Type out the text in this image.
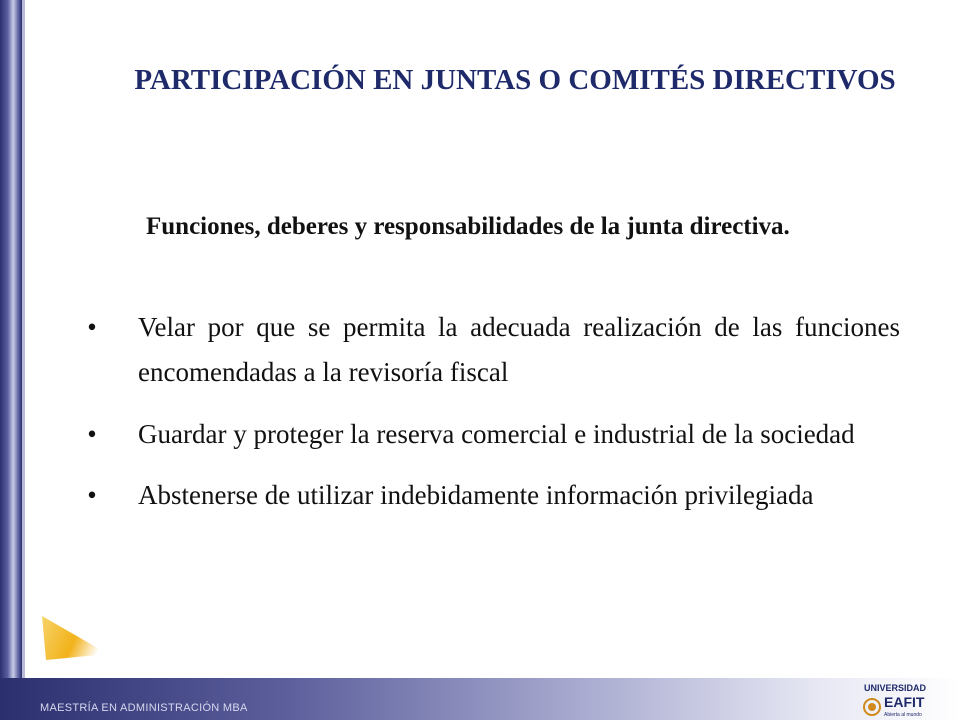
PARTICIPACIÓN EN JUNTAS O COMITÉS DIRECTIVOS
Funciones, deberes y responsabilidades de la junta directiva.
• Velar por que se permita la adecuada realización de las funciones encomendadas a la revisoría fiscal
• Guardar y proteger la reserva comercial e industrial de la sociedad
• Abstenerse de utilizar indebidamente información privilegiada
MAESTRÍA EN ADMINISTRACIÓN MBA
UNIVERSIDAD
EAFIT
Abierta al mundo
